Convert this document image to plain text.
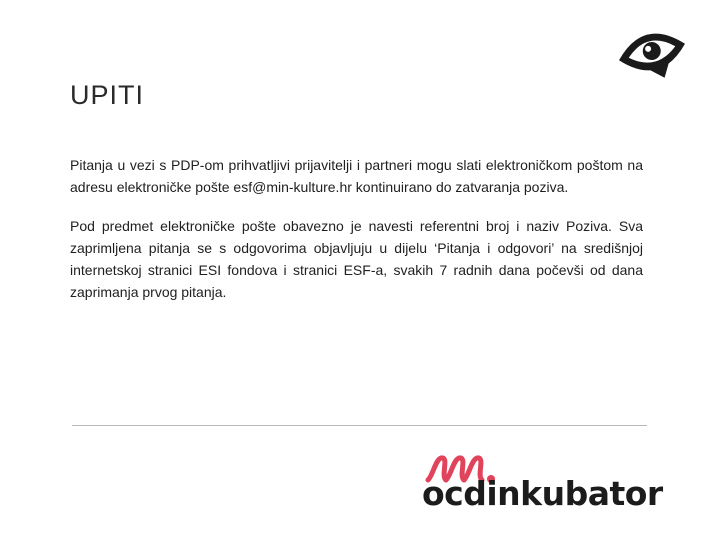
UPITI

Pitanja u vezi s PDP-om prihvatljivi prijavitelji i partneri mogu slati elektroničkom poštom na adresu elektroničke pošte esf@min-kulture.hr kontinuirano do zatvaranja poziva.

Pod predmet elektroničke pošte obavezno je navesti referentni broj i naziv Poziva. Sva zaprimljena pitanja se s odgovorima objavljuju u dijelu ‘Pitanja i odgovori’ na središnjoj internetskoj stranici ESI fondova i stranici ESF-a, svakih 7 radnih dana počevši od dana zaprimanja prvog pitanja.

ocdinkubator
